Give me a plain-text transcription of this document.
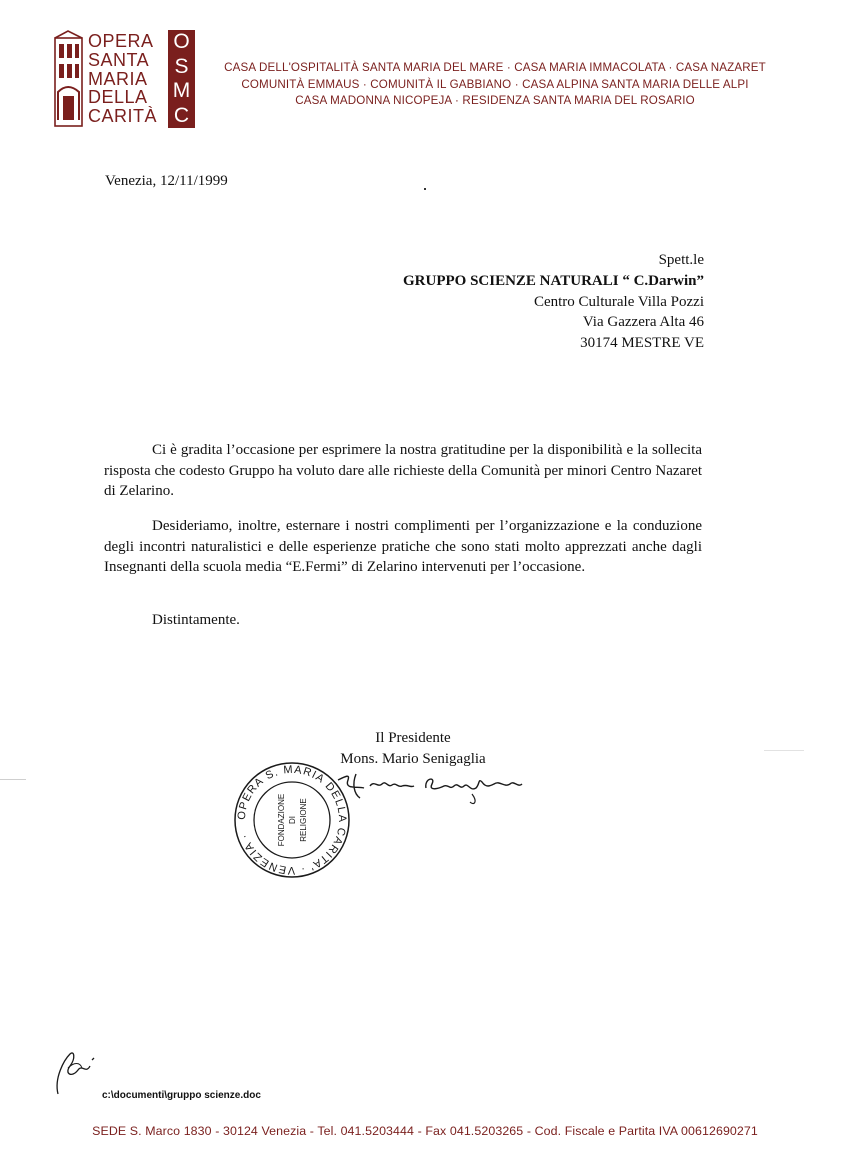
OPERA
SANTA
MARIA
DELLA
CARITÀ
O
S
M
C
CASA DELL'OSPITALITÀ SANTA MARIA DEL MARE · CASA MARIA IMMACOLATA · CASA NAZARET
COMUNITÀ EMMAUS · COMUNITÀ IL GABBIANO · CASA ALPINA SANTA MARIA DELLE ALPI
CASA MADONNA NICOPEJA · RESIDENZA SANTA MARIA DEL ROSARIO
Venezia, 12/11/1999
Spett.le
GRUPPO SCIENZE NATURALI “ C.Darwin”
Centro Culturale Villa Pozzi
Via Gazzera Alta 46
30174 MESTRE VE

Ci è gradita l’occasione per esprimere la nostra gratitudine per la disponibilità e la sollecita risposta che codesto Gruppo ha voluto dare alle richieste della Comunità per minori Centro Nazaret di Zelarino.

Desideriamo, inoltre, esternare i nostri complimenti per l’organizzazione e la conduzione degli incontri naturalistici e delle esperienze pratiche che sono stati molto apprezzati anche dagli Insegnanti della scuola media “E.Fermi” di Zelarino intervenuti per l’occasione.

Distintamente.
Il Presidente
Mons. Mario Senigaglia
OPERA S. MARIA DELLA CARITA' · VENEZIA ·	FONDAZIONE DI RELIGIONE
c:\documenti\gruppo scienze.doc
SEDE S. Marco 1830 - 30124 Venezia - Tel. 041.5203444 - Fax 041.5203265 - Cod. Fiscale e Partita IVA 00612690271
